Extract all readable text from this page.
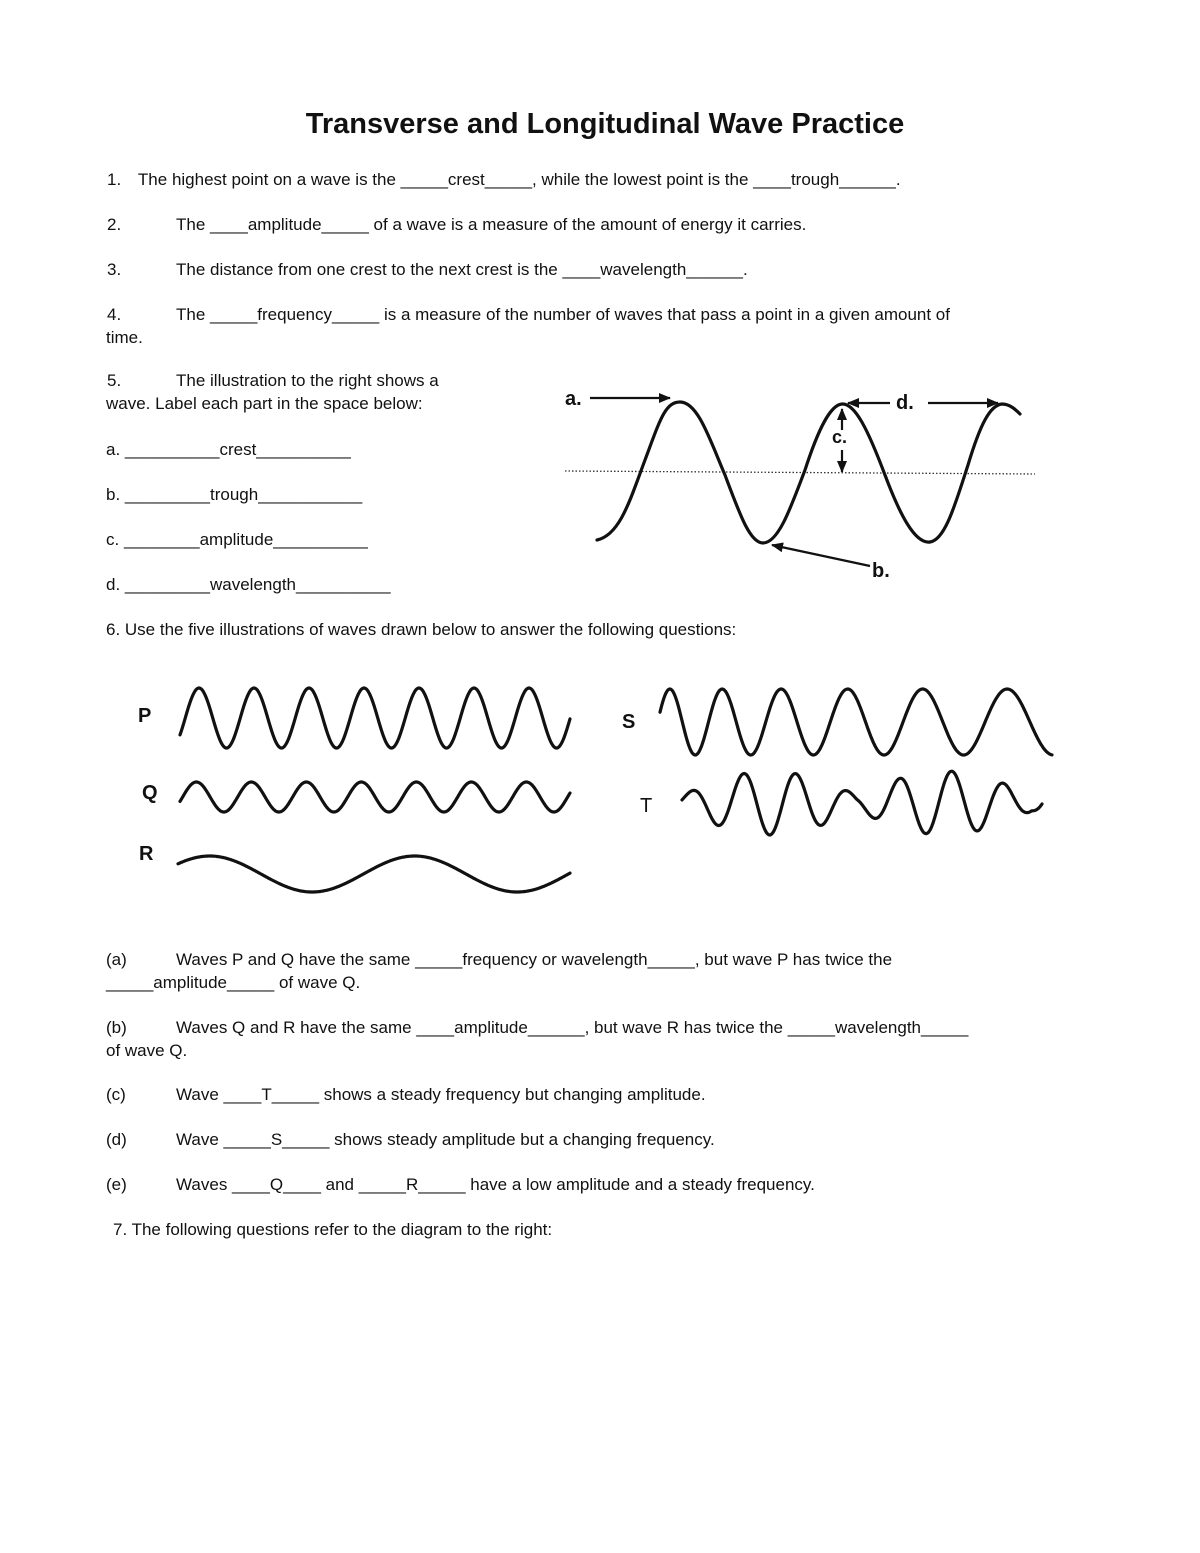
Transverse and Longitudinal Wave Practice
1. The highest point on a wave is the _____crest_____, while the lowest point is the ____trough______.
2.	The ____amplitude_____ of a wave is a measure of the amount of energy it carries.
3.	The distance from one crest to the next crest is the ____wavelength______.
4.	The _____frequency_____ is a measure of the number of waves that pass a point in a given amount of
time.
5.	The illustration to the right shows a
wave. Label each part in the space below:
a. __________crest__________
b. _________trough___________
c. ________amplitude__________
d. _________wavelength__________
a.	d.
c.
b.
6. Use the five illustrations of waves drawn below to answer the following questions:
P
Q
R
S
T
(a)	Waves P and Q have the same _____frequency or wavelength_____, but wave P has twice the
_____amplitude_____ of wave Q.
(b)	Waves Q and R have the same ____amplitude______, but wave R has twice the _____wavelength_____
of wave Q.
(c)	Wave ____T_____ shows a steady frequency but changing amplitude.
(d)	Wave _____S_____ shows steady amplitude but a changing frequency.
(e)	Waves ____Q____ and _____R_____ have a low amplitude and a steady frequency.
7. The following questions refer to the diagram to the right:
